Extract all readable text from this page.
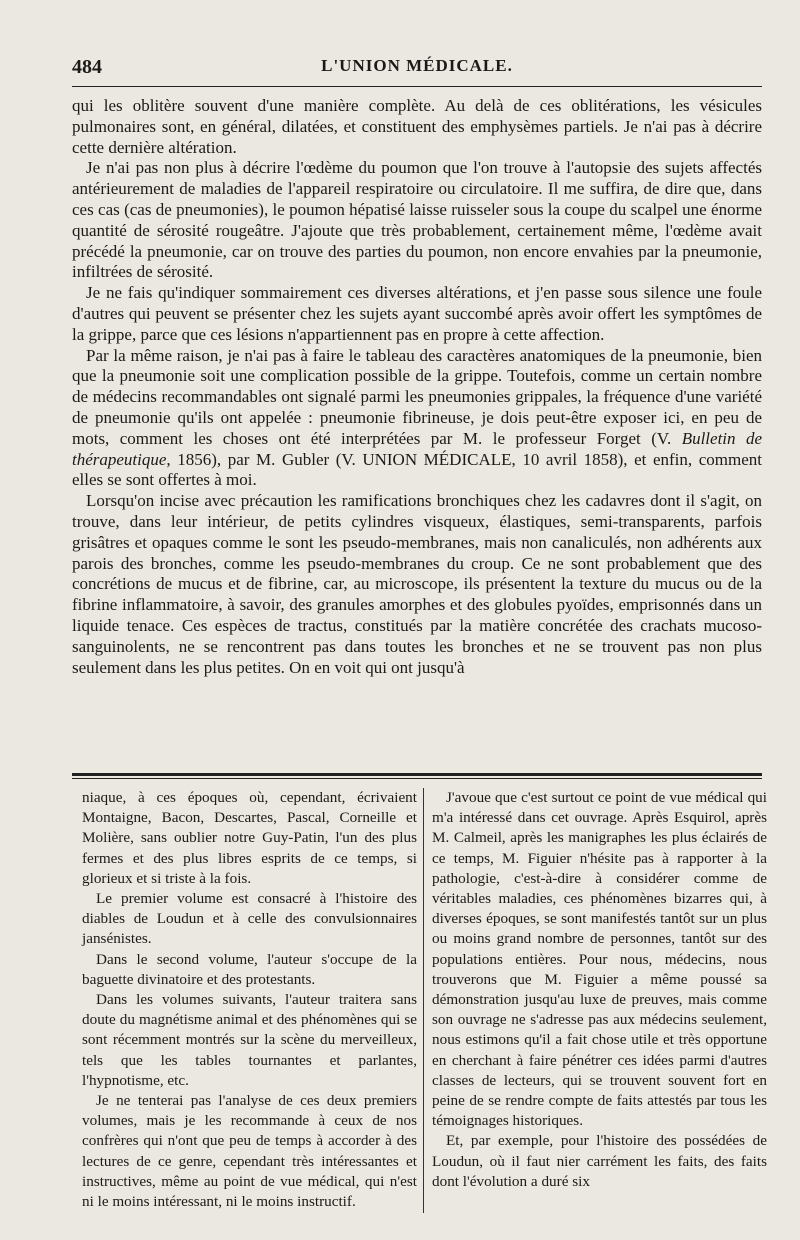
484	L'UNION MÉDICALE.

qui les oblitère souvent d'une manière complète. Au delà de ces oblitérations, les vésicules pulmonaires sont, en général, dilatées, et constituent des emphysèmes partiels. Je n'ai pas à décrire cette dernière altération.

Je n'ai pas non plus à décrire l'œdème du poumon que l'on trouve à l'autopsie des sujets affectés antérieurement de maladies de l'appareil respiratoire ou circulatoire. Il me suffira, de dire que, dans ces cas (cas de pneumonies), le poumon hépatisé laisse ruisseler sous la coupe du scalpel une énorme quantité de sérosité rougeâtre. J'ajoute que très probablement, certainement même, l'œdème avait précédé la pneumonie, car on trouve des parties du poumon, non encore envahies par la pneumonie, infiltrées de sérosité.

Je ne fais qu'indiquer sommairement ces diverses altérations, et j'en passe sous silence une foule d'autres qui peuvent se présenter chez les sujets ayant succombé après avoir offert les symptômes de la grippe, parce que ces lésions n'appartiennent pas en propre à cette affection.

Par la même raison, je n'ai pas à faire le tableau des caractères anatomiques de la pneumonie, bien que la pneumonie soit une complication possible de la grippe. Toutefois, comme un certain nombre de médecins recommandables ont signalé parmi les pneumonies grippales, la fréquence d'une variété de pneumonie qu'ils ont appelée : pneumonie fibrineuse, je dois peut-être exposer ici, en peu de mots, comment les choses ont été interprétées par M. le professeur Forget (V. Bulletin de thérapeutique, 1856), par M. Gubler (V. UNION MÉDICALE, 10 avril 1858), et enfin, comment elles se sont offertes à moi.

Lorsqu'on incise avec précaution les ramifications bronchiques chez les cadavres dont il s'agit, on trouve, dans leur intérieur, de petits cylindres visqueux, élastiques, semi-transparents, parfois grisâtres et opaques comme le sont les pseudo-membranes, mais non canaliculés, non adhérents aux parois des bronches, comme les pseudo-membranes du croup. Ce ne sont probablement que des concrétions de mucus et de fibrine, car, au microscope, ils présentent la texture du mucus ou de la fibrine inflammatoire, à savoir, des granules amorphes et des globules pyoïdes, emprisonnés dans un liquide tenace. Ces espèces de tractus, constitués par la matière concrétée des crachats mucoso-sanguinolents, ne se rencontrent pas dans toutes les bronches et ne se trouvent pas non plus seulement dans les plus petites. On en voit qui ont jusqu'à

niaque, à ces époques où, cependant, écrivaient Montaigne, Bacon, Descartes, Pascal, Corneille et Molière, sans oublier notre Guy-Patin, l'un des plus fermes et des plus libres esprits de ce temps, si glorieux et si triste à la fois.

Le premier volume est consacré à l'histoire des diables de Loudun et à celle des convulsionnaires jansénistes.

Dans le second volume, l'auteur s'occupe de la baguette divinatoire et des protestants.

Dans les volumes suivants, l'auteur traitera sans doute du magnétisme animal et des phénomènes qui se sont récemment montrés sur la scène du merveilleux, tels que les tables tournantes et parlantes, l'hypnotisme, etc.

Je ne tenterai pas l'analyse de ces deux premiers volumes, mais je les recommande à ceux de nos confrères qui n'ont que peu de temps à accorder à des lectures de ce genre, cependant très intéressantes et instructives, même au point de vue médical, qui n'est ni le moins intéressant, ni le moins instructif.

J'avoue que c'est surtout ce point de vue médical qui m'a intéressé dans cet ouvrage. Après Esquirol, après M. Calmeil, après les manigraphes les plus éclairés de ce temps, M. Figuier n'hésite pas à rapporter à la pathologie, c'est-à-dire à considérer comme de véritables maladies, ces phénomènes bizarres qui, à diverses époques, se sont manifestés tantôt sur un plus ou moins grand nombre de personnes, tantôt sur des populations entières. Pour nous, médecins, nous trouverons que M. Figuier a même poussé sa démonstration jusqu'au luxe de preuves, mais comme son ouvrage ne s'adresse pas aux médecins seulement, nous estimons qu'il a fait chose utile et très opportune en cherchant à faire pénétrer ces idées parmi d'autres classes de lecteurs, qui se trouvent souvent fort en peine de se rendre compte de faits attestés par tous les témoignages historiques.

Et, par exemple, pour l'histoire des possédées de Loudun, où il faut nier carrément les faits, des faits dont l'évolution a duré six
